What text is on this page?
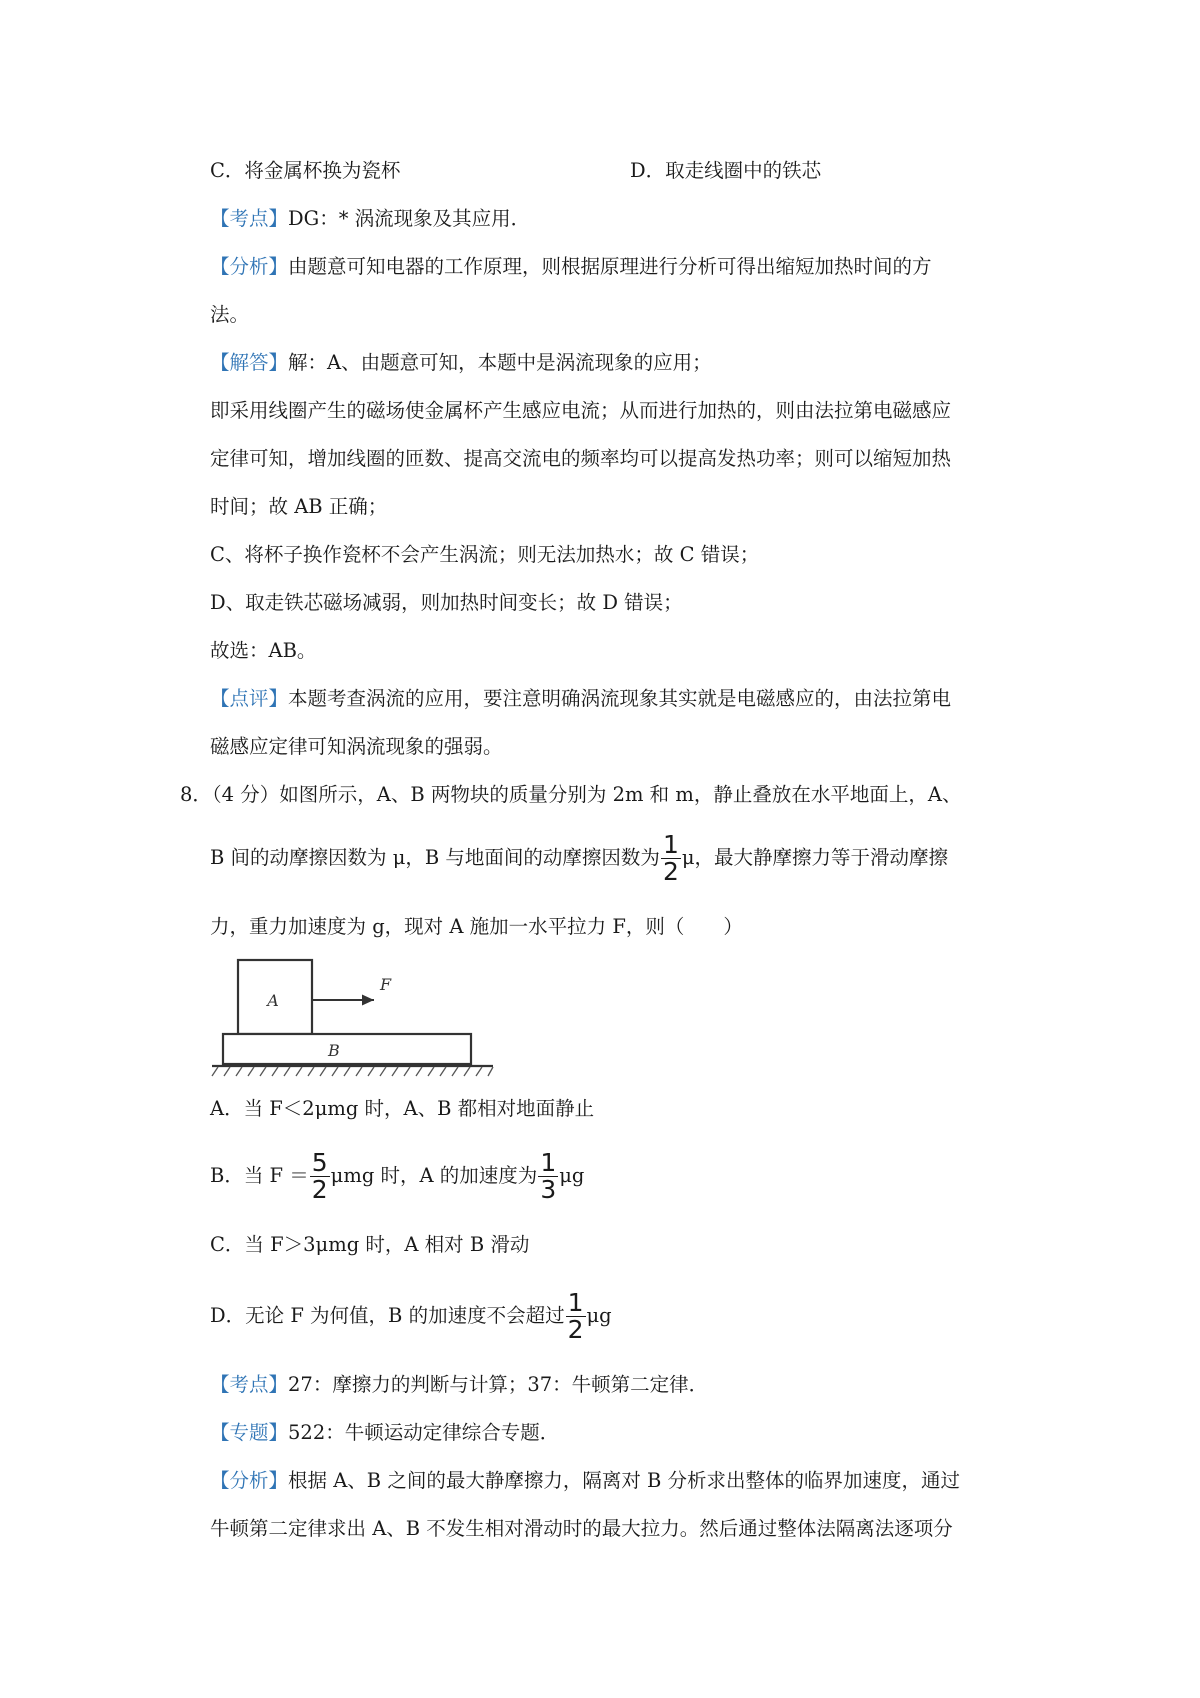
C．将金属杯换为瓷杯	D．取走线圈中的铁芯
【考点】DG：* 涡流现象及其应用．
【分析】由题意可知电器的工作原理，则根据原理进行分析可得出缩短加热时间的方
法。
【解答】解：A、由题意可知，本题中是涡流现象的应用；
即采用线圈产生的磁场使金属杯产生感应电流；从而进行加热的，则由法拉第电磁感应
定律可知，增加线圈的匝数、提高交流电的频率均可以提高发热功率；则可以缩短加热
时间；故 AB 正确；
C、将杯子换作瓷杯不会产生涡流；则无法加热水；故 C 错误；
D、取走铁芯磁场减弱，则加热时间变长；故 D 错误；
故选：AB。
【点评】本题考查涡流的应用，要注意明确涡流现象其实就是电磁感应的，由法拉第电
磁感应定律可知涡流现象的强弱。
8．（4 分）如图所示，A、B 两物块的质量分别为 2m 和 m，静止叠放在水平地面上，A、
B 间的动摩擦因数为 μ，B 与地面间的动摩擦因数为 $\frac{1}{2}$ μ，最大静摩擦力等于滑动摩擦
力，重力加速度为 g，现对 A 施加一水平拉力 F，则（　　）
A
F
B
A．当 F＜2μmg 时，A、B 都相对地面静止
B．当 $F = \frac{5}{2}$ μmg 时，A 的加速度为 $\frac{1}{3}$ μg
C．当 F＞3μmg 时，A 相对 B 滑动
D．无论 F 为何值，B 的加速度不会超过 $\frac{1}{2}$ μg
【考点】27：摩擦力的判断与计算；37：牛顿第二定律．
【专题】522：牛顿运动定律综合专题．
【分析】根据 A、B 之间的最大静摩擦力，隔离对 B 分析求出整体的临界加速度，通过
牛顿第二定律求出 A、B 不发生相对滑动时的最大拉力。然后通过整体法隔离法逐项分
